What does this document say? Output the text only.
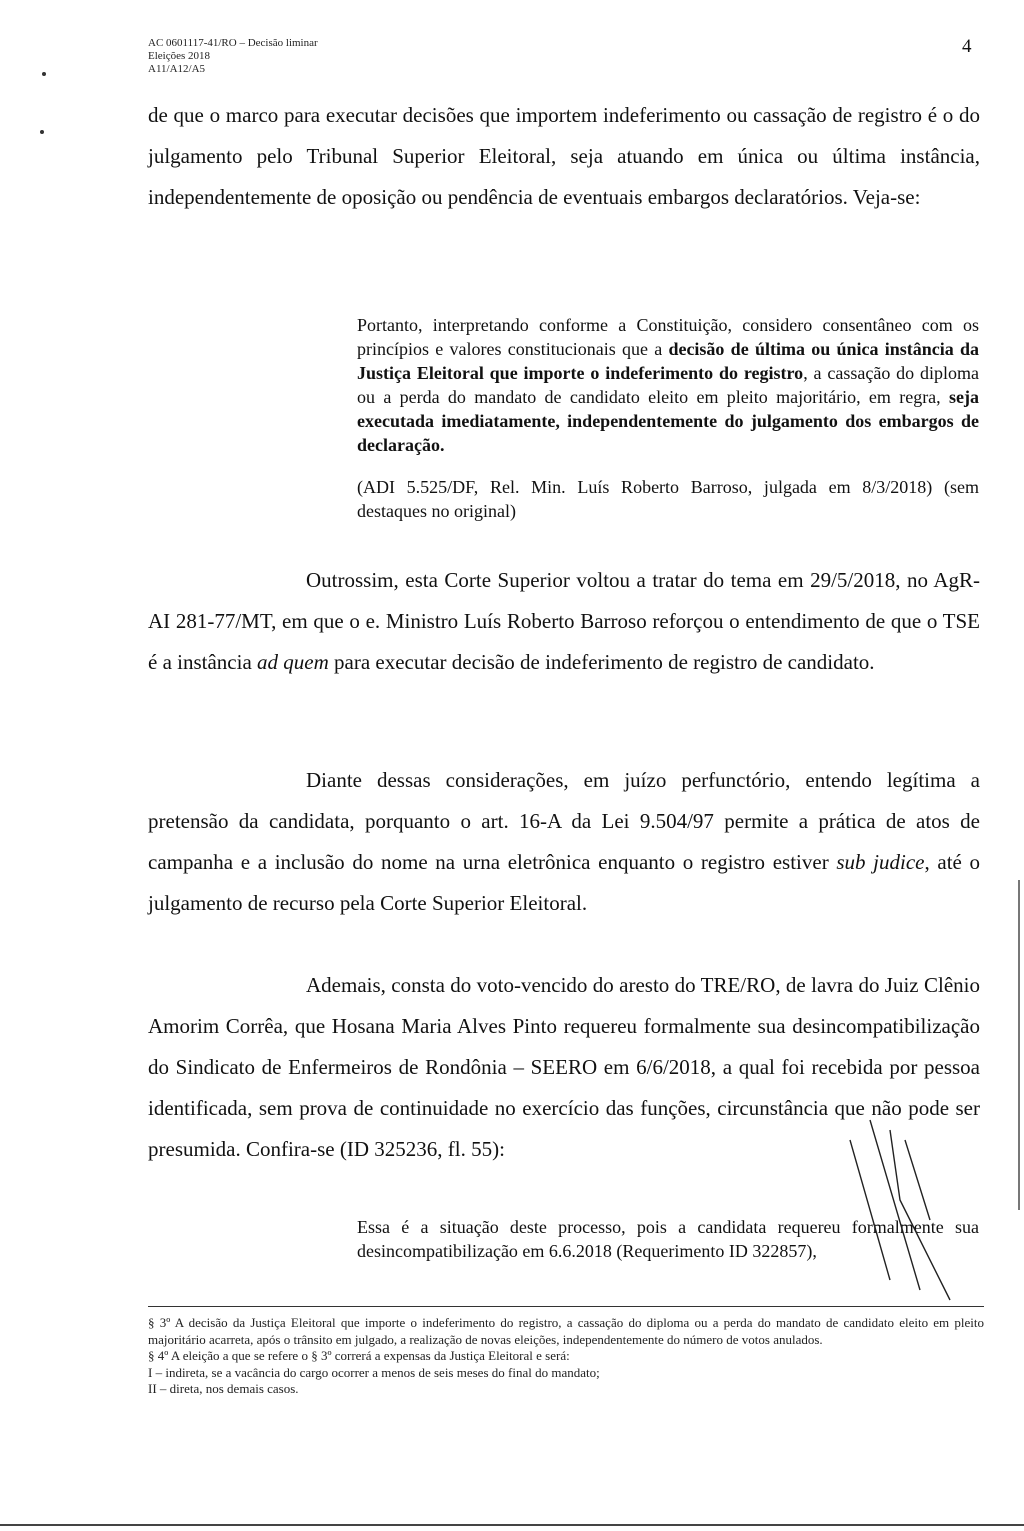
AC 0601117-41/RO – Decisão liminar
Eleições 2018
A11/A12/A5
4
de que o marco para executar decisões que importem indeferimento ou cassação de registro é o do julgamento pelo Tribunal Superior Eleitoral, seja atuando em única ou última instância, independentemente de oposição ou pendência de eventuais embargos declaratórios. Veja-se:
Portanto, interpretando conforme a Constituição, considero consentâneo com os princípios e valores constitucionais que a decisão de última ou única instância da Justiça Eleitoral que importe o indeferimento do registro, a cassação do diploma ou a perda do mandato de candidato eleito em pleito majoritário, em regra, seja executada imediatamente, independentemente do julgamento dos embargos de declaração.
(ADI 5.525/DF, Rel. Min. Luís Roberto Barroso, julgada em 8/3/2018) (sem destaques no original)
Outrossim, esta Corte Superior voltou a tratar do tema em 29/5/2018, no AgR-AI 281-77/MT, em que o e. Ministro Luís Roberto Barroso reforçou o entendimento de que o TSE é a instância ad quem para executar decisão de indeferimento de registro de candidato.
Diante dessas considerações, em juízo perfunctório, entendo legítima a pretensão da candidata, porquanto o art. 16-A da Lei 9.504/97 permite a prática de atos de campanha e a inclusão do nome na urna eletrônica enquanto o registro estiver sub judice, até o julgamento de recurso pela Corte Superior Eleitoral.
Ademais, consta do voto-vencido do aresto do TRE/RO, de lavra do Juiz Clênio Amorim Corrêa, que Hosana Maria Alves Pinto requereu formalmente sua desincompatibilização do Sindicato de Enfermeiros de Rondônia – SEERO em 6/6/2018, a qual foi recebida por pessoa identificada, sem prova de continuidade no exercício das funções, circunstância que não pode ser presumida. Confira-se (ID 325236, fl. 55):
Essa é a situação deste processo, pois a candidata requereu formalmente sua desincompatibilização em 6.6.2018 (Requerimento ID 322857),
§ 3º A decisão da Justiça Eleitoral que importe o indeferimento do registro, a cassação do diploma ou a perda do mandato de candidato eleito em pleito majoritário acarreta, após o trânsito em julgado, a realização de novas eleições, independentemente do número de votos anulados.
§ 4º A eleição a que se refere o § 3º correrá a expensas da Justiça Eleitoral e será:
I – indireta, se a vacância do cargo ocorrer a menos de seis meses do final do mandato;
II – direta, nos demais casos.
